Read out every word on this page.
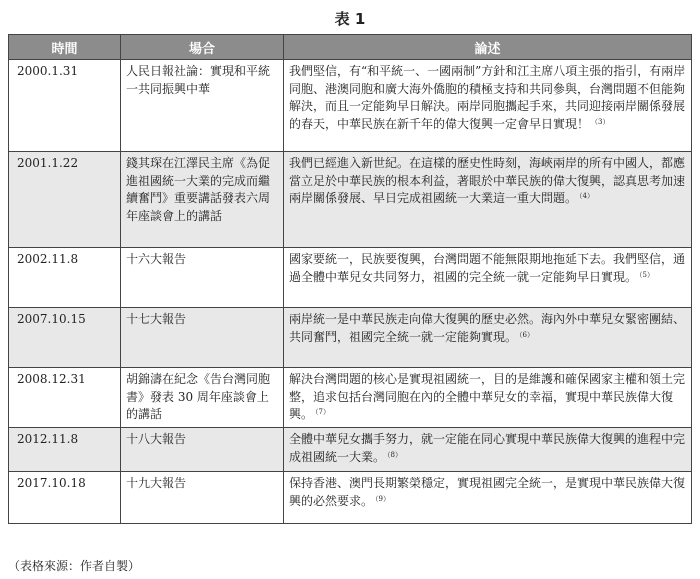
表 1
時間	場合	論述
2000.1.31	人民日報社論：實現和平統一共同振興中華	我們堅信，有“和平統一、一國兩制”方針和江主席八項主張的指引，有兩岸同胞、港澳同胞和廣大海外僑胞的積極支持和共同參與，台灣問題不但能夠解決，而且一定能夠早日解決。兩岸同胞攜起手來，共同迎接兩岸關係發展的春天，中華民族在新千年的偉大復興一定會早日實現！ $^{(3)}$
2001.1.22	錢其琛在江澤民主席《為促進祖國統一大業的完成而繼續奮鬥》重要講話發表六周年座談會上的講話	我們已經進入新世紀。在這樣的歷史性時刻，海峽兩岸的所有中國人，都應當立足於中華民族的根本利益，著眼於中華民族的偉大復興，認真思考加速兩岸關係發展、早日完成祖國統一大業這一重大問題。 $^{(4)}$
2002.11.8	十六大報告	國家要統一，民族要復興，台灣問題不能無限期地拖延下去。我們堅信，通過全體中華兒女共同努力，祖國的完全統一就一定能夠早日實現。 $^{(5)}$
2007.10.15	十七大報告	兩岸統一是中華民族走向偉大復興的歷史必然。海內外中華兒女緊密團結、共同奮鬥，祖國完全統一就一定能夠實現。 $^{(6)}$
2008.12.31	胡錦濤在紀念《告台灣同胞書》發表 30 周年座談會上的講話	解決台灣問題的核心是實現祖國統一，目的是維護和確保國家主權和領土完整，追求包括台灣同胞在內的全體中華兒女的幸福，實現中華民族偉大復興。 $^{(7)}$
2012.11.8	十八大報告	全體中華兒女攜手努力，就一定能在同心實現中華民族偉大復興的進程中完成祖國統一大業。 $^{(8)}$
2017.10.18	十九大報告	保持香港、澳門長期繁榮穩定，實現祖國完全統一，是實現中華民族偉大復興的必然要求。 $^{(9)}$
（表格來源：作者自製）
